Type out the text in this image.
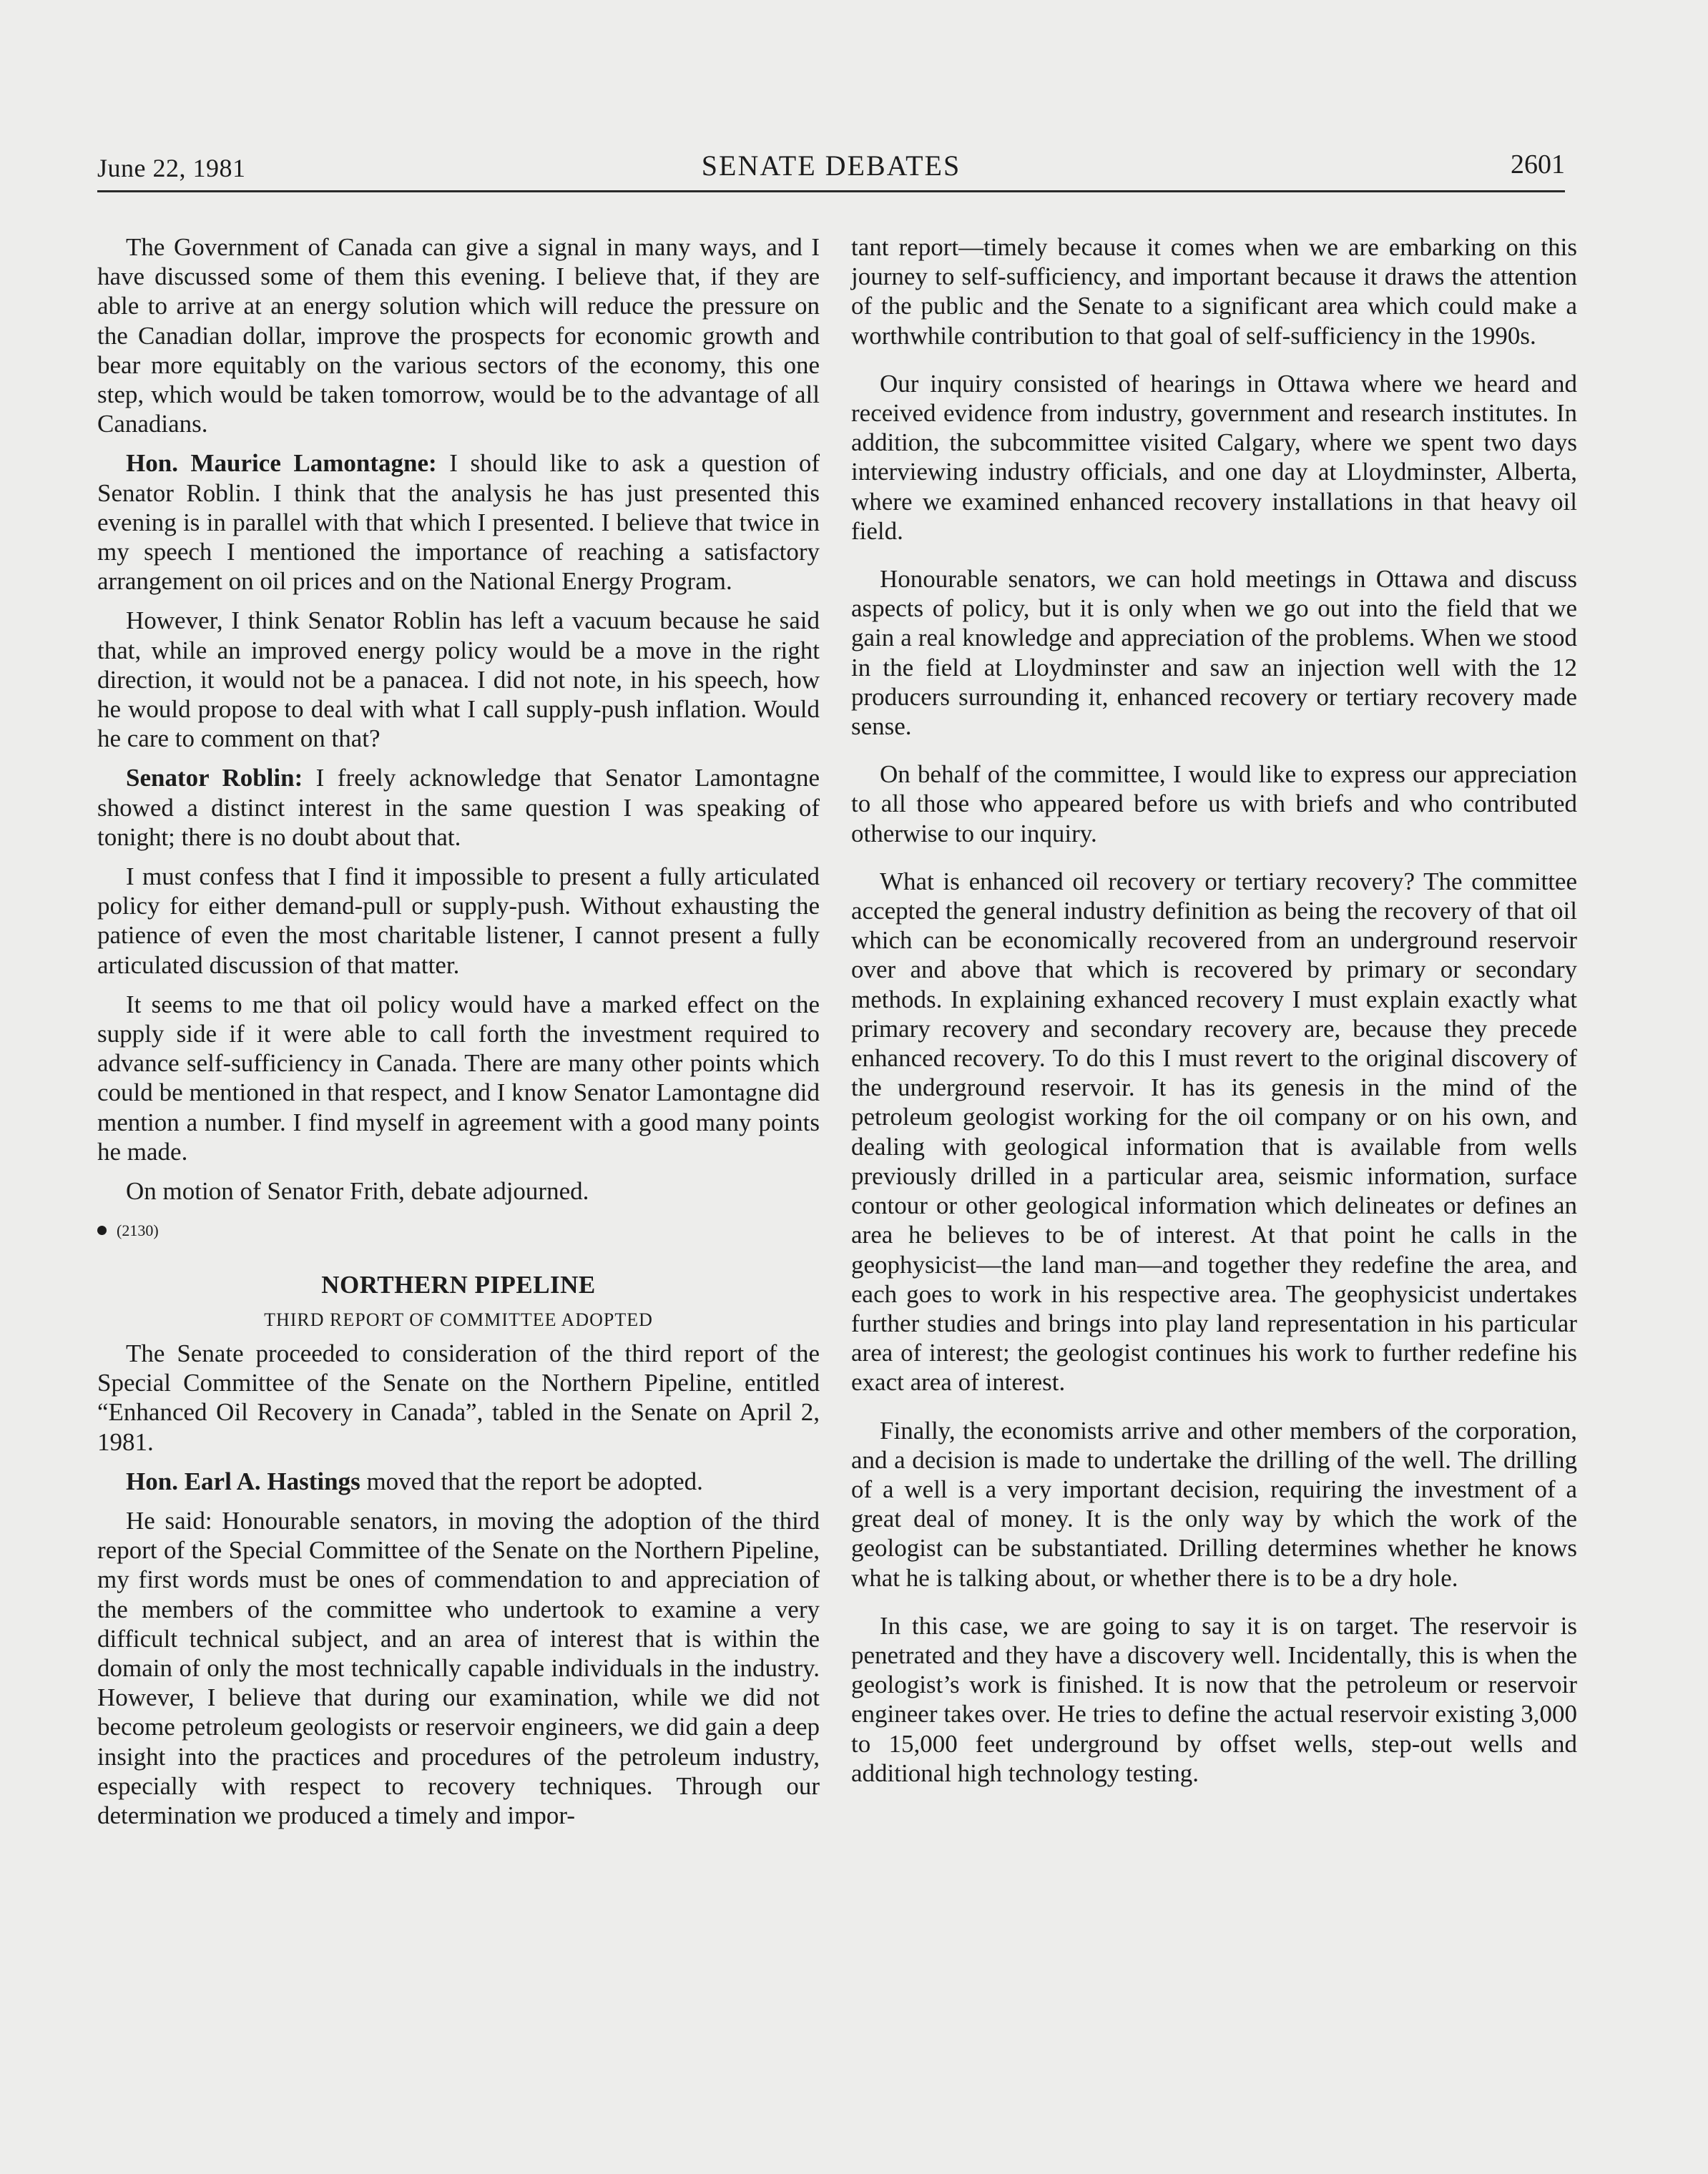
June 22, 1981	SENATE DEBATES	2601

The Government of Canada can give a signal in many ways, and I have discussed some of them this evening. I believe that, if they are able to arrive at an energy solution which will reduce the pressure on the Canadian dollar, improve the prospects for economic growth and bear more equitably on the various sectors of the economy, this one step, which would be taken tomorrow, would be to the advantage of all Canadians.

Hon. Maurice Lamontagne: I should like to ask a question of Senator Roblin. I think that the analysis he has just presented this evening is in parallel with that which I presented. I believe that twice in my speech I mentioned the importance of reaching a satisfactory arrangement on oil prices and on the National Energy Program.

However, I think Senator Roblin has left a vacuum because he said that, while an improved energy policy would be a move in the right direction, it would not be a panacea. I did not note, in his speech, how he would propose to deal with what I call supply-push inflation. Would he care to comment on that?

Senator Roblin: I freely acknowledge that Senator Lamontagne showed a distinct interest in the same question I was speaking of tonight; there is no doubt about that.

I must confess that I find it impossible to present a fully articulated policy for either demand-pull or supply-push. Without exhausting the patience of even the most charitable listener, I cannot present a fully articulated discussion of that matter.

It seems to me that oil policy would have a marked effect on the supply side if it were able to call forth the investment required to advance self-sufficiency in Canada. There are many other points which could be mentioned in that respect, and I know Senator Lamontagne did mention a number. I find myself in agreement with a good many points he made.

On motion of Senator Frith, debate adjourned.

(2130)
NORTHERN PIPELINE
THIRD REPORT OF COMMITTEE ADOPTED

The Senate proceeded to consideration of the third report of the Special Committee of the Senate on the Northern Pipeline, entitled “Enhanced Oil Recovery in Canada”, tabled in the Senate on April 2, 1981.

Hon. Earl A. Hastings moved that the report be adopted.

He said: Honourable senators, in moving the adoption of the third report of the Special Committee of the Senate on the Northern Pipeline, my first words must be ones of commendation to and appreciation of the members of the committee who undertook to examine a very difficult technical subject, and an area of interest that is within the domain of only the most technically capable individuals in the industry. However, I believe that during our examination, while we did not become petroleum geologists or reservoir engineers, we did gain a deep insight into the practices and procedures of the petroleum industry, especially with respect to recovery techniques. Through our determination we produced a timely and impor-

tant report—timely because it comes when we are embarking on this journey to self-sufficiency, and important because it draws the attention of the public and the Senate to a significant area which could make a worthwhile contribution to that goal of self-sufficiency in the 1990s.

Our inquiry consisted of hearings in Ottawa where we heard and received evidence from industry, government and research institutes. In addition, the subcommittee visited Calgary, where we spent two days interviewing industry officials, and one day at Lloydminster, Alberta, where we examined enhanced recovery installations in that heavy oil field.

Honourable senators, we can hold meetings in Ottawa and discuss aspects of policy, but it is only when we go out into the field that we gain a real knowledge and appreciation of the problems. When we stood in the field at Lloydminster and saw an injection well with the 12 producers surrounding it, enhanced recovery or tertiary recovery made sense.

On behalf of the committee, I would like to express our appreciation to all those who appeared before us with briefs and who contributed otherwise to our inquiry.

What is enhanced oil recovery or tertiary recovery? The committee accepted the general industry definition as being the recovery of that oil which can be economically recovered from an underground reservoir over and above that which is recovered by primary or secondary methods. In explaining exhanced recovery I must explain exactly what primary recovery and secondary recovery are, because they precede enhanced recovery. To do this I must revert to the original discovery of the underground reservoir. It has its genesis in the mind of the petroleum geologist working for the oil company or on his own, and dealing with geological information that is available from wells previously drilled in a particular area, seismic information, surface contour or other geological information which delineates or defines an area he believes to be of interest. At that point he calls in the geophysicist—the land man—and together they redefine the area, and each goes to work in his respective area. The geophysicist undertakes further studies and brings into play land representation in his particular area of interest; the geologist continues his work to further redefine his exact area of interest.

Finally, the economists arrive and other members of the corporation, and a decision is made to undertake the drilling of the well. The drilling of a well is a very important decision, requiring the investment of a great deal of money. It is the only way by which the work of the geologist can be substantiated. Drilling determines whether he knows what he is talking about, or whether there is to be a dry hole.

In this case, we are going to say it is on target. The reservoir is penetrated and they have a discovery well. Incidentally, this is when the geologist’s work is finished. It is now that the petroleum or reservoir engineer takes over. He tries to define the actual reservoir existing 3,000 to 15,000 feet underground by offset wells, step-out wells and additional high technology testing.
